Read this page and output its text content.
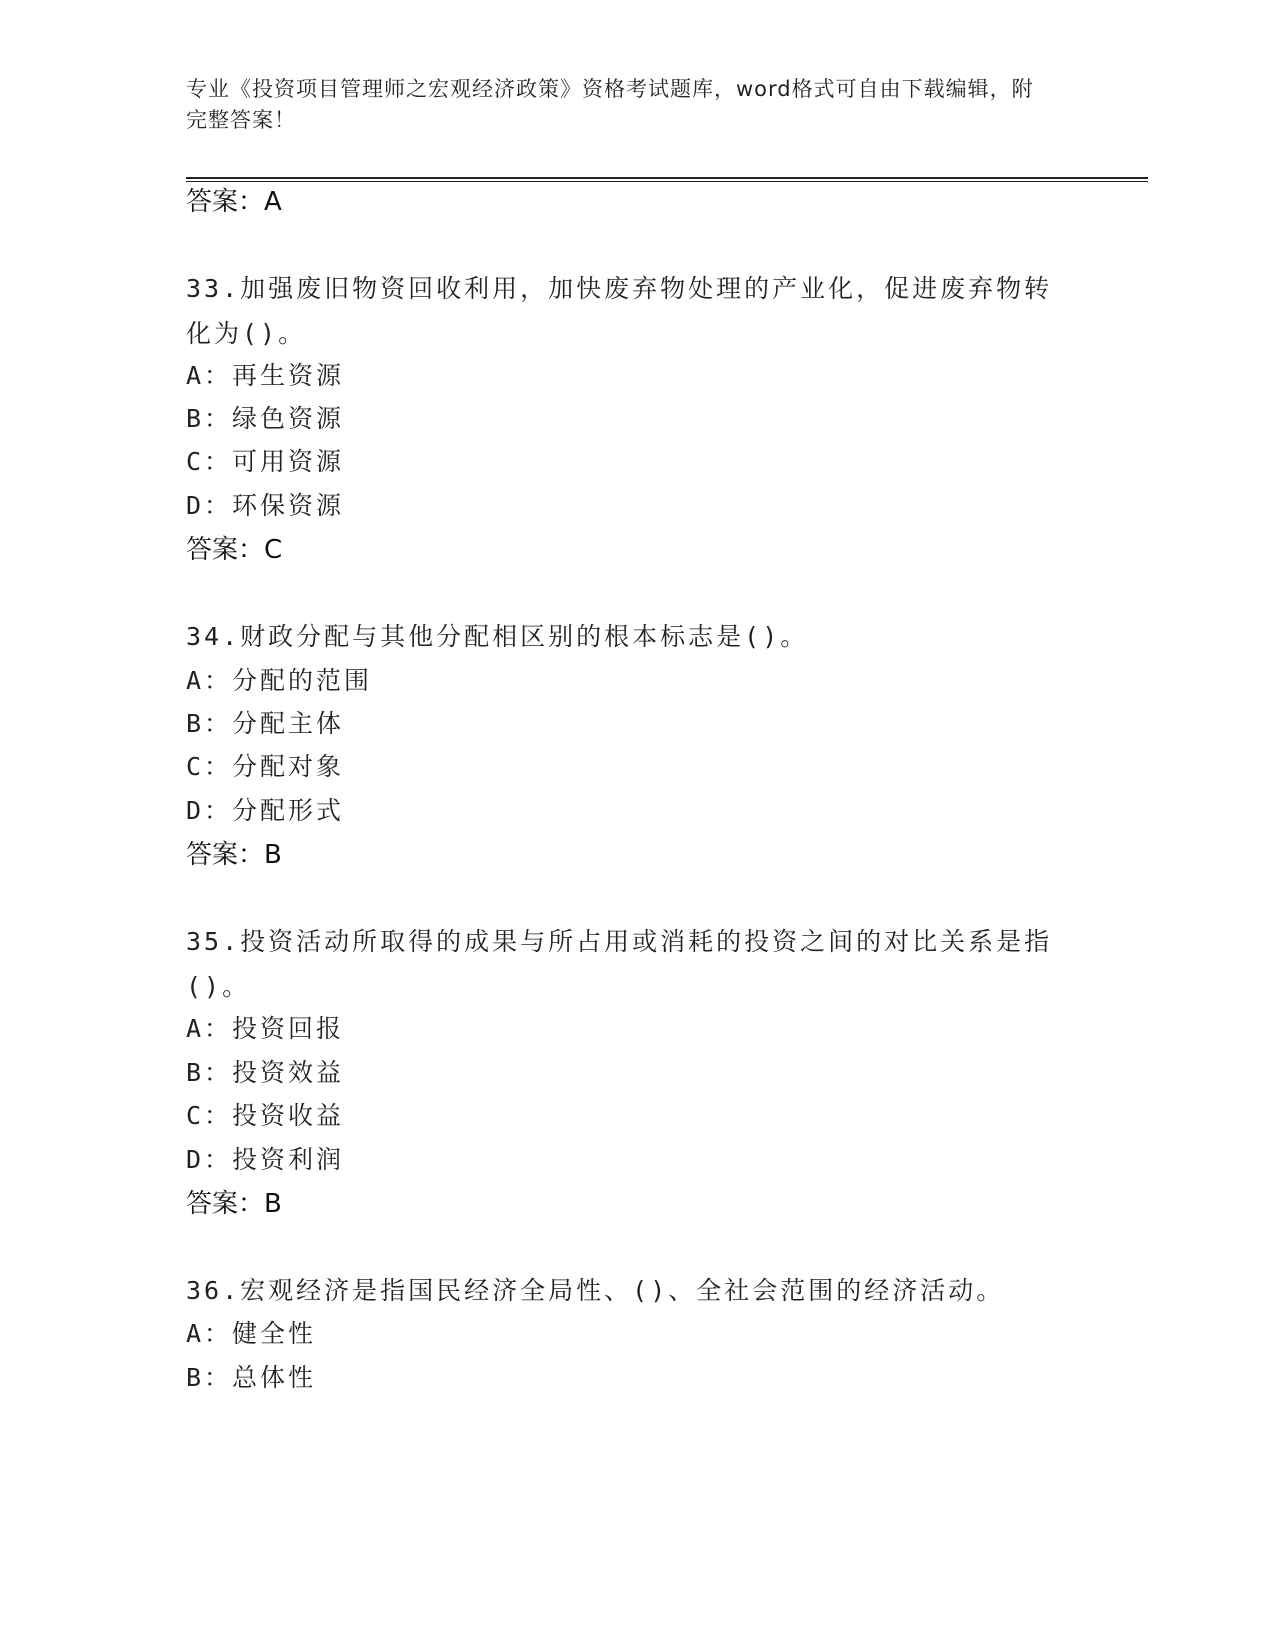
专业《投资项目管理师之宏观经济政策》资格考试题库，word格式可自由下载编辑，附完整答案！
答案：A
33.加强废旧物资回收利用，加快废弃物处理的产业化，促进废弃物转化为()。
A：再生资源
B：绿色资源
C：可用资源
D：环保资源
答案：C
34.财政分配与其他分配相区别的根本标志是()。
A：分配的范围
B：分配主体
C：分配对象
D：分配形式
答案：B
35.投资活动所取得的成果与所占用或消耗的投资之间的对比关系是指()。
A：投资回报
B：投资效益
C：投资收益
D：投资利润
答案：B
36.宏观经济是指国民经济全局性、()、全社会范围的经济活动。
A：健全性
B：总体性
